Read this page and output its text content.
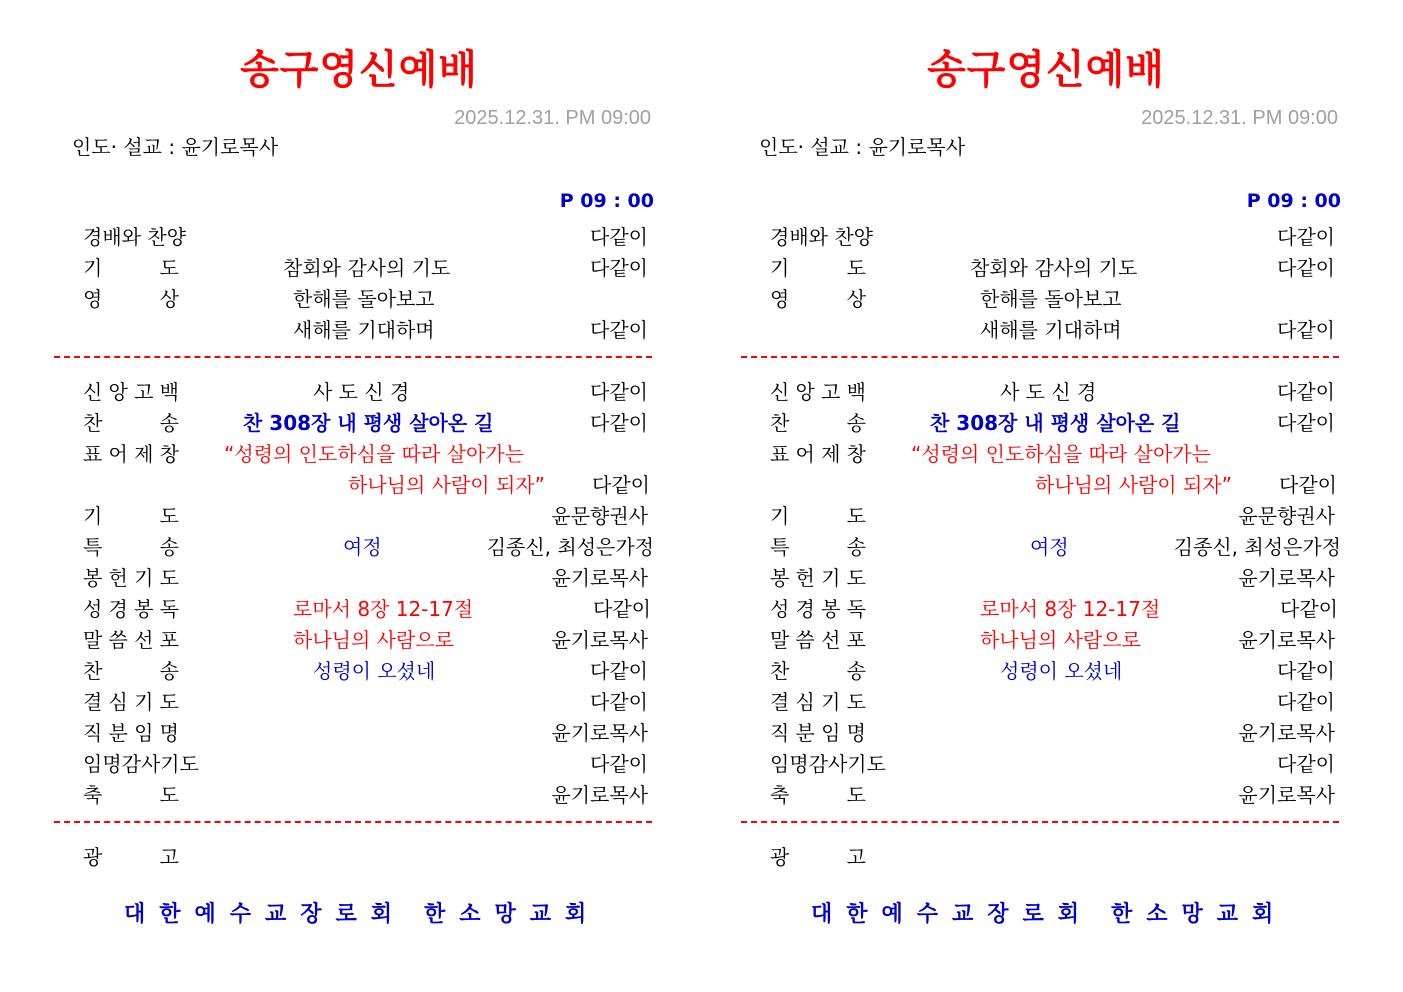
송구영신예배
2025.12.31. PM 09:00
인도· 설교 : 윤기로목사
P 09 : 00
경배와 찬양	다같이
기	도	참회와 감사의 기도	다같이
영	상	한해를 돌아보고
새해를 기대하며	다같이
신 앙 고 백	사 도 신 경	다같이
찬	송	찬 308장 내 평생 살아온 길	다같이
표 어 제 창 “성령의 인도하심을 따라 살아가는
하나님의 사람이 되자” 다같이
기	도	윤문향권사
특	송	여정	김종신, 최성은가정
봉 헌 기 도	윤기로목사
성 경 봉 독	로마서 8장 12-17절	다같이
말 씀 선 포	하나님의 사람으로	윤기로목사
찬	송	성령이 오셨네	다같이
결 심 기 도	다같이
직 분 임 명	윤기로목사
임명감사기도	다같이
축	도	윤기로목사
광	고
대한예수교장로회 한소망교회
송구영신예배
2025.12.31. PM 09:00
인도· 설교 : 윤기로목사
P 09 : 00
경배와 찬양	다같이
기	도	참회와 감사의 기도	다같이
영	상	한해를 돌아보고
새해를 기대하며	다같이
신 앙 고 백	사 도 신 경	다같이
찬	송	찬 308장 내 평생 살아온 길	다같이
표 어 제 창 “성령의 인도하심을 따라 살아가는
하나님의 사람이 되자” 다같이
기	도	윤문향권사
특	송	여정	김종신, 최성은가정
봉 헌 기 도	윤기로목사
성 경 봉 독	로마서 8장 12-17절	다같이
말 씀 선 포	하나님의 사람으로	윤기로목사
찬	송	성령이 오셨네	다같이
결 심 기 도	다같이
직 분 임 명	윤기로목사
임명감사기도	다같이
축	도	윤기로목사
광	고
대한예수교장로회 한소망교회
